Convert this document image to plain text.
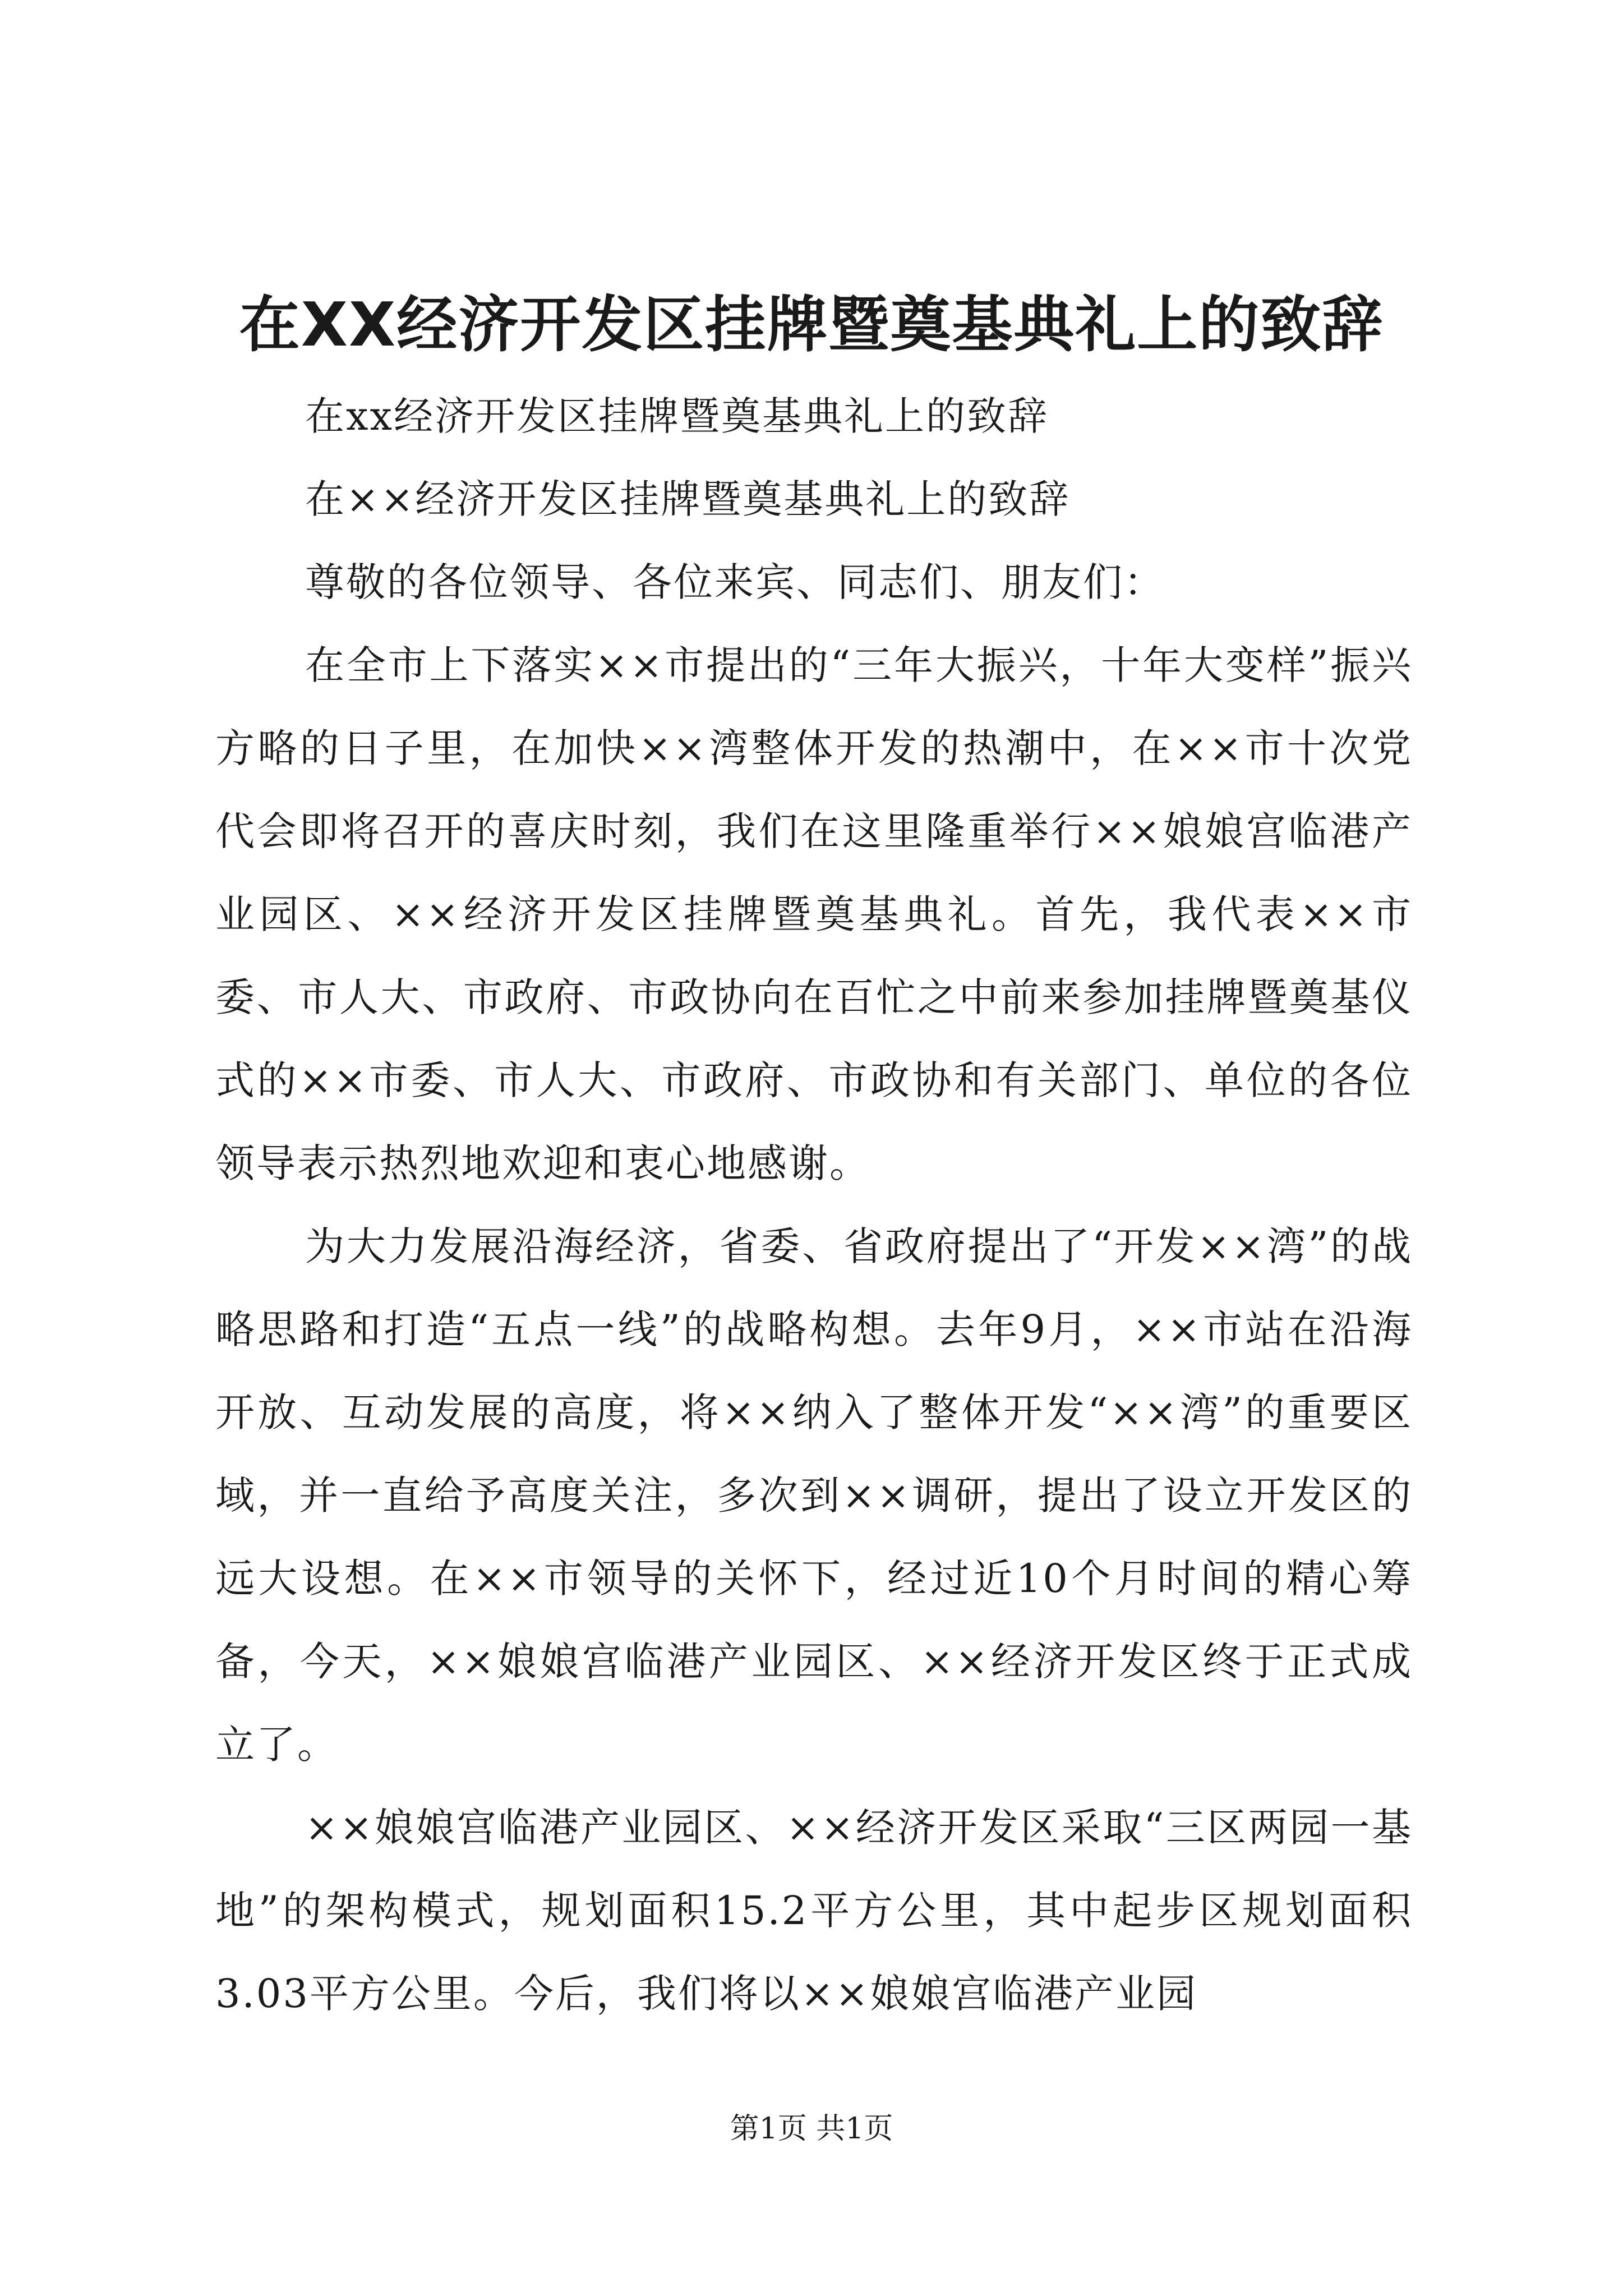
在XX经济开发区挂牌暨奠基典礼上的致辞

在xx经济开发区挂牌暨奠基典礼上的致辞

在××经济开发区挂牌暨奠基典礼上的致辞

尊敬的各位领导、各位来宾、同志们、朋友们：

在全市上下落实××市提出的“三年大振兴，十年大变样”振兴方略的日子里，在加快××湾整体开发的热潮中，在××市十次党代会即将召开的喜庆时刻，我们在这里隆重举行××娘娘宫临港产业园区、××经济开发区挂牌暨奠基典礼。首先，我代表××市委、市人大、市政府、市政协向在百忙之中前来参加挂牌暨奠基仪式的××市委、市人大、市政府、市政协和有关部门、单位的各位领导表示热烈地欢迎和衷心地感谢。

为大力发展沿海经济，省委、省政府提出了“开发××湾”的战略思路和打造“五点一线”的战略构想。去年9月，××市站在沿海开放、互动发展的高度，将××纳入了整体开发“××湾”的重要区域，并一直给予高度关注，多次到××调研，提出了设立开发区的远大设想。在××市领导的关怀下，经过近10个月时间的精心筹备，今天，××娘娘宫临港产业园区、××经济开发区终于正式成立了。

××娘娘宫临港产业园区、××经济开发区采取“三区两园一基地”的架构模式，规划面积15.2平方公里，其中起步区规划面积3.03平方公里。今后，我们将以××娘娘宫临港产业园

第1页 共1页
